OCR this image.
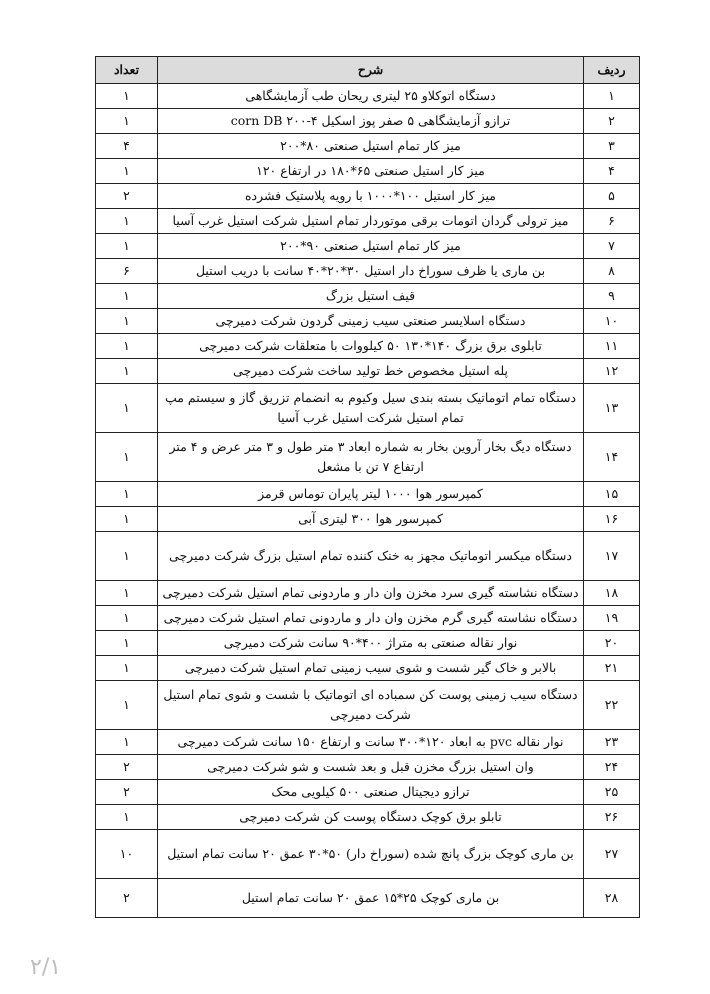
ردیف	شرح	تعداد
۱	دستگاه اتوکلاو ۲۵ لیتری ریحان طب آزمایشگاهی	۱
۲	ترازو آزمایشگاهی ۵ صفر پوز اسکیل ۴-۲۰۰ corn DB	۱
۳	میز کار تمام استیل صنعتی ۸۰*۲۰۰	۴
۴	میز کار استیل صنعتی ۶۵*۱۸۰ در ارتفاع ۱۲۰	۱
۵	میز کار استیل ۱۰۰*۱۰۰۰ با رویه پلاستیک فشرده	۲
۶	میز ترولی گردان اتومات برقی موتوردار تمام استیل شرکت استیل غرب آسیا	۱
۷	میز کار تمام استیل صنعتی ۹۰*۲۰۰	۱
۸	بن ماری یا ظرف سوراخ دار استیل ۳۰*۲۰*۴۰ سانت با دریب استیل	۶
۹	قیف استیل بزرگ	۱
۱۰	دستگاه اسلایسر صنعتی سیب زمینی گردون شرکت دمیرچی	۱
۱۱	تابلوی برق بزرگ ۱۴۰*۱۳۰ ۵۰ کیلووات با متعلقات شرکت دمیرچی	۱
۱۲	پله استیل مخصوص خط تولید ساخت شرکت دمیرچی	۱
۱۳	دستگاه تمام اتوماتیک بسته بندی سیل وکیوم به انضمام تزریق گاز و سیستم مپ تمام استیل شرکت استیل غرب آسیا	۱
۱۴	دستگاه دیگ بخار آروین بخار به شماره ابعاد ۳ متر طول و ۳ متر عرض و ۴ متر ارتفاع ۷ تن با مشعل	۱
۱۵	کمپرسور هوا ۱۰۰۰ لیتر پایران توماس قرمز	۱
۱۶	کمپرسور هوا ۳۰۰ لیتری آبی	۱
۱۷	دستگاه میکسر اتوماتیک مجهز به خنک کننده تمام استیل بزرگ شرکت دمیرچی	۱
۱۸	دستگاه نشاسته گیری سرد مخزن وان دار و ماردونی تمام استیل شرکت دمیرچی	۱
۱۹	دستگاه نشاسته گیری گرم مخزن وان دار و ماردونی تمام استیل شرکت دمیرچی	۱
۲۰	نوار نقاله صنعتی به متراژ ۴۰۰*۹۰ سانت شرکت دمیرچی	۱
۲۱	بالابر و خاک گیر شست و شوی سیب زمینی تمام استیل شرکت دمیرچی	۱
۲۲	دستگاه سیب زمینی پوست کن سمباده ای اتوماتیک با شست و شوی تمام استیل شرکت دمیرچی	۱
۲۳	نوار نقاله pvc به ابعاد ۱۲۰*۳۰۰ سانت و ارتفاع ۱۵۰ سانت شرکت دمیرچی	۱
۲۴	وان استیل بزرگ مخزن قبل و بعد شست و شو شرکت دمیرچی	۲
۲۵	ترازو دیجیتال صنعتی ۵۰۰ کیلویی محک	۲
۲۶	تابلو برق کوچک دستگاه پوست کن شرکت دمیرچی	۱
۲۷	بن ماری کوچک بزرگ پانچ شده (سوراخ دار) ۵۰*۳۰ عمق ۲۰ سانت تمام استیل	۱۰
۲۸	بن ماری کوچک ۲۵*۱۵ عمق ۲۰ سانت تمام استیل	۲
۲/۱
